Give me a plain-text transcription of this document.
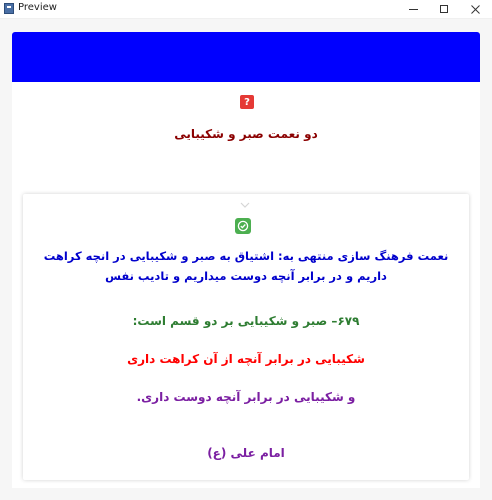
Preview
?
دو نعمت صبر و شکیبایی
نعمت فرهنگ سازی منتهی به: اشتیاق به صبر و شکیبایی در انچه کراهت داریم و در برابر آنچه دوست میداریم و تادیب نفس
۶۷۹– صبر و شکیبایی بر دو قسم است:
شکیبایی در برابر آنچه از آن کراهت داری
و شکیبایی در برابر آنچه دوست داری.
امام علی (ع)
